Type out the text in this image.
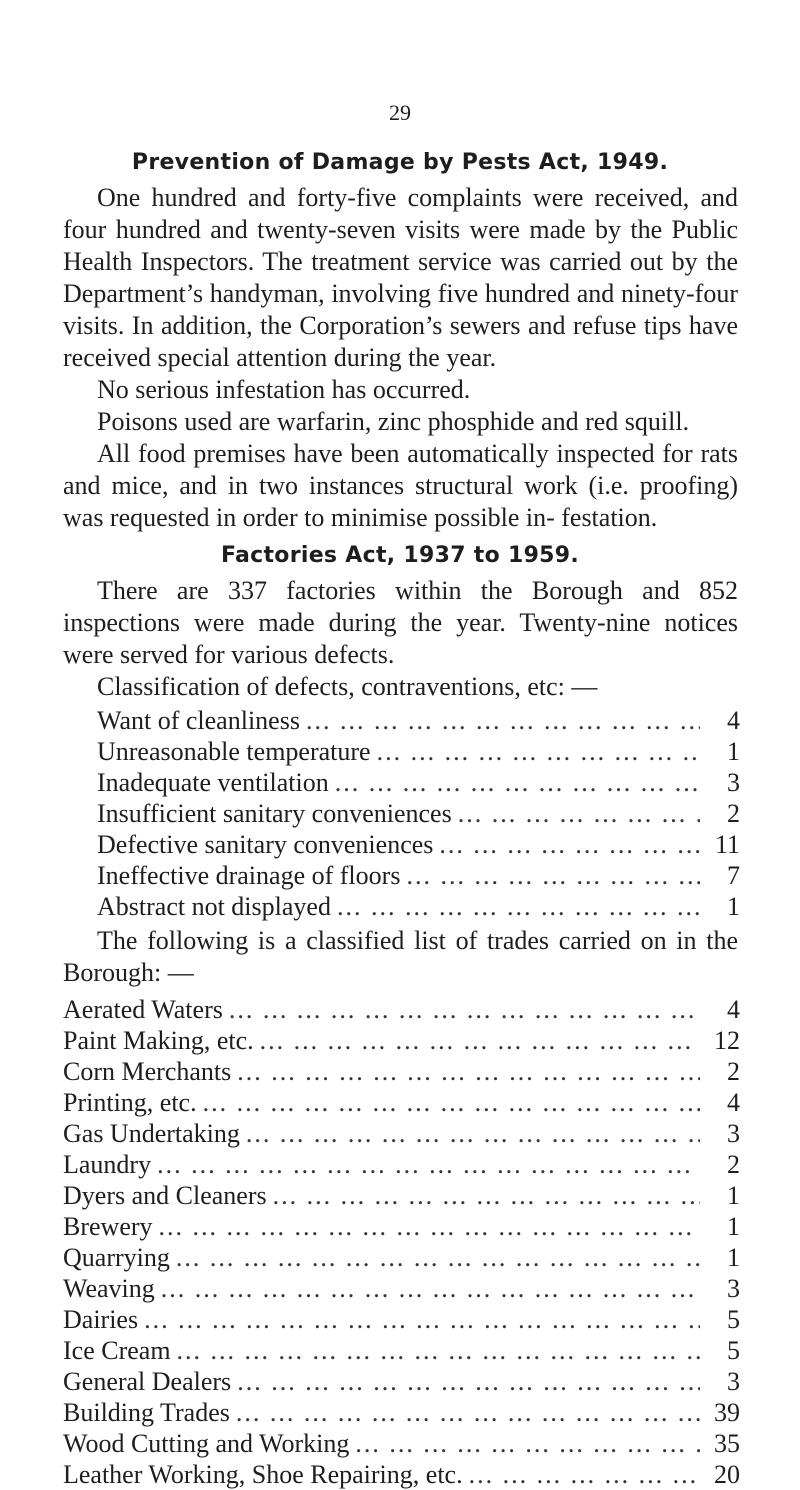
29
Prevention of Damage by Pests Act, 1949.

One hundred and forty-five complaints were received, and four hundred and twenty-seven visits were made by the Public Health Inspectors. The treatment service was carried out by the Department’s handyman, involving five hundred and ninety-four visits. In addition, the Corporation’s sewers and refuse tips have received special attention during the year.

No serious infestation has occurred.

Poisons used are warfarin, zinc phosphide and red squill.

All food premises have been automatically inspected for rats and mice, and in two instances structural work (i.e. proofing) was requested in order to minimise possible in- festation.

Factories Act, 1937 to 1959.

There are 337 factories within the Borough and 852 inspections were made during the year. Twenty-nine notices were served for various defects.

Classification of defects, contraventions, etc: —

Want of cleanliness ... .	4
Unreasonable temperature ... .	1
Inadequate ventilation ... .	3
Insufficient sanitary conveniences ... .	2
Defective sanitary conveniences ... .	11
Ineffective drainage of floors ... .	7
Abstract not displayed ... .	1

The following is a classified list of trades carried on in the Borough: —

Aerated Waters ... .	4
Paint Making, etc. ... .	12
Corn Merchants ... .	2
Printing, etc. ... .	4
Gas Undertaking ... .	3
Laundry ... .	2
Dyers and Cleaners ... .	1
Brewery ... .	1
Quarrying ... .	1
Weaving ... .	3
Dairies ... .	5
Ice Cream ... .	5
General Dealers ... .	3
Building Trades ... .	39
Wood Cutting and Working ... .	35
Leather Working, Shoe Repairing, etc. ... .	20
